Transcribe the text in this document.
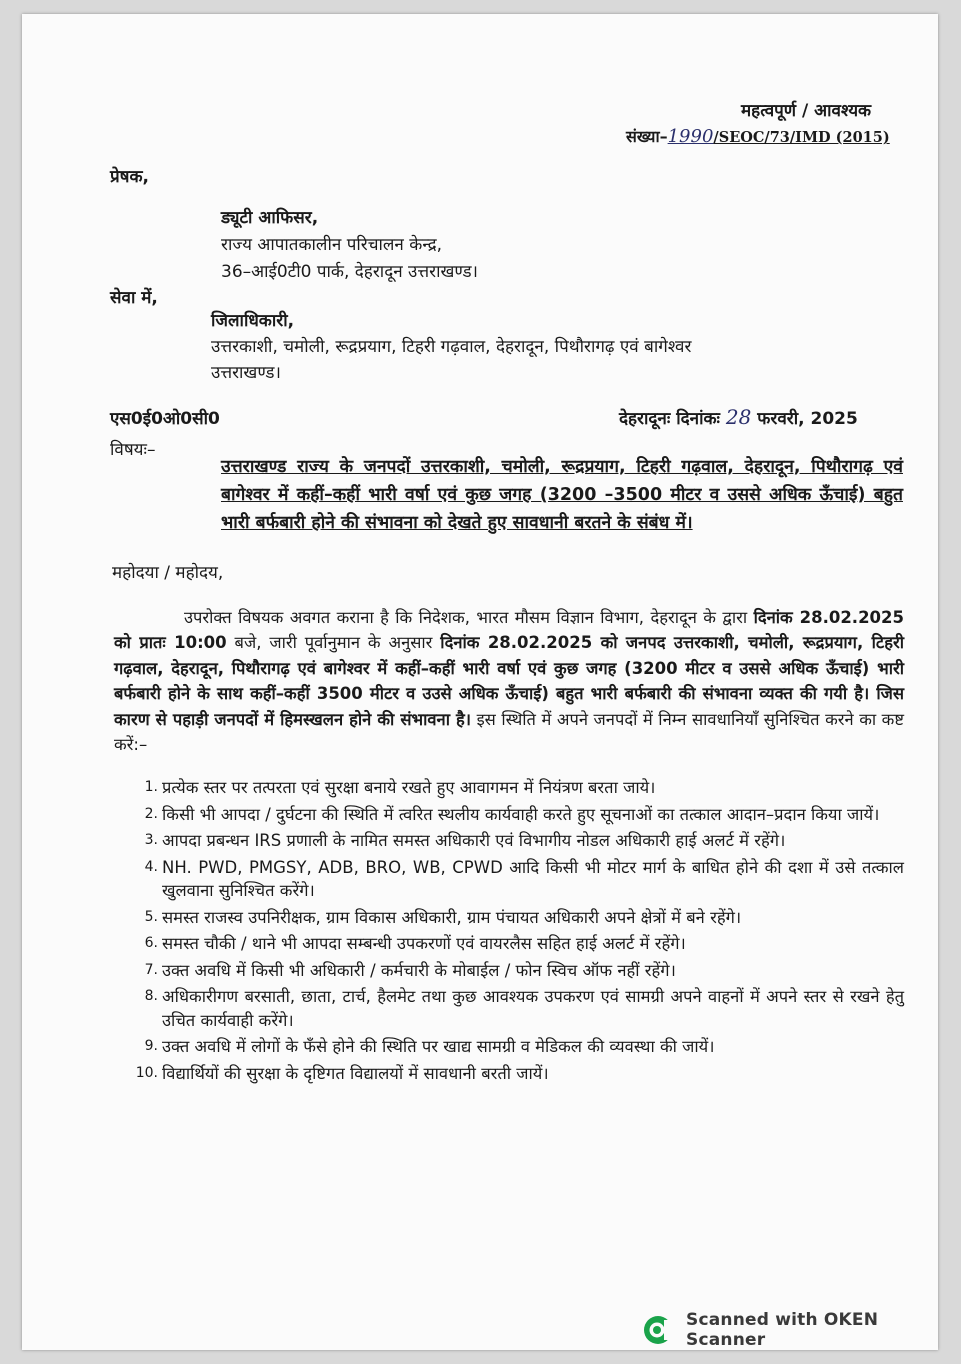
महत्वपूर्ण / आवश्यक

संख्या–1990/SEOC/73/IMD (2015)

प्रेषक,

ड्यूटी आफिसर,

राज्य आपातकालीन परिचालन केन्द्र,

36–आई0टी0 पार्क, देहरादून उत्तराखण्ड।

सेवा में,

जिलाधिकारी,

उत्तरकाशी, चमोली, रूद्रप्रयाग, टिहरी गढ़वाल, देहरादून, पिथौरागढ़ एवं बागेश्वर

उत्तराखण्ड।

एस0ई0ओ0सी0	देहरादूनः दिनांकः 28 फरवरी, 2025

विषयः–

उत्तराखण्ड राज्य के जनपदों उत्तरकाशी, चमोली, रूद्रप्रयाग, टिहरी गढ़वाल, देहरादून, पिथौरागढ़ एवं बागेश्वर में कहीं–कहीं भारी वर्षा एवं कुछ जगह (3200 –3500 मीटर व उससे अधिक ऊँचाई) बहुत भारी बर्फबारी होने की संभावना को देखते हुए सावधानी बरतने के संबंध में।

महोदया / महोदय,

उपरोक्त विषयक अवगत कराना है कि निदेशक, भारत मौसम विज्ञान विभाग, देहरादून के द्वारा दिनांक 28.02.2025 को प्रातः 10:00 बजे, जारी पूर्वानुमान के अनुसार दिनांक 28.02.2025 को जनपद उत्तरकाशी, चमोली, रूद्रप्रयाग, टिहरी गढ़वाल, देहरादून, पिथौरागढ़ एवं बागेश्वर में कहीं–कहीं भारी वर्षा एवं कुछ जगह (3200 मीटर व उससे अधिक ऊँचाई) भारी बर्फबारी होने के साथ कहीं–कहीं 3500 मीटर व उउसे अधिक ऊँचाई) बहुत भारी बर्फबारी की संभावना व्यक्त की गयी है। जिस कारण से पहाड़ी जनपदों में हिमस्खलन होने की संभावना है। इस स्थिति में अपने जनपदों में निम्न सावधानियाँ सुनिश्चित करने का कष्ट करें:–

1. प्रत्येक स्तर पर तत्परता एवं सुरक्षा बनाये रखते हुए आवागमन में नियंत्रण बरता जाये।
2. किसी भी आपदा / दुर्घटना की स्थिति में त्वरित स्थलीय कार्यवाही करते हुए सूचनाओं का तत्काल आदान–प्रदान किया जायें।
3. आपदा प्रबन्धन IRS प्रणाली के नामित समस्त अधिकारी एवं विभागीय नोडल अधिकारी हाई अलर्ट में रहेंगे।
4. NH. PWD, PMGSY, ADB, BRO, WB, CPWD आदि किसी भी मोटर मार्ग के बाधित होने की दशा में उसे तत्काल खुलवाना सुनिश्चित करेंगे।
5. समस्त राजस्व उपनिरीक्षक, ग्राम विकास अधिकारी, ग्राम पंचायत अधिकारी अपने क्षेत्रों में बने रहेंगे।
6. समस्त चौकी / थाने भी आपदा सम्बन्धी उपकरणों एवं वायरलैस सहित हाई अलर्ट में रहेंगे।
7. उक्त अवधि में किसी भी अधिकारी / कर्मचारी के मोबाईल / फोन स्विच ऑफ नहीं रहेंगे।
8. अधिकारीगण बरसाती, छाता, टार्च, हैलमेट तथा कुछ आवश्यक उपकरण एवं सामग्री अपने वाहनों में अपने स्तर से रखने हेतु उचित कार्यवाही करेंगे।
9. उक्त अवधि में लोगों के फँसे होने की स्थिति पर खाद्य सामग्री व मेडिकल की व्यवस्था की जायें।
10. विद्यार्थियों की सुरक्षा के दृष्टिगत विद्यालयों में सावधानी बरती जायें।
Scanned with OKEN Scanner
